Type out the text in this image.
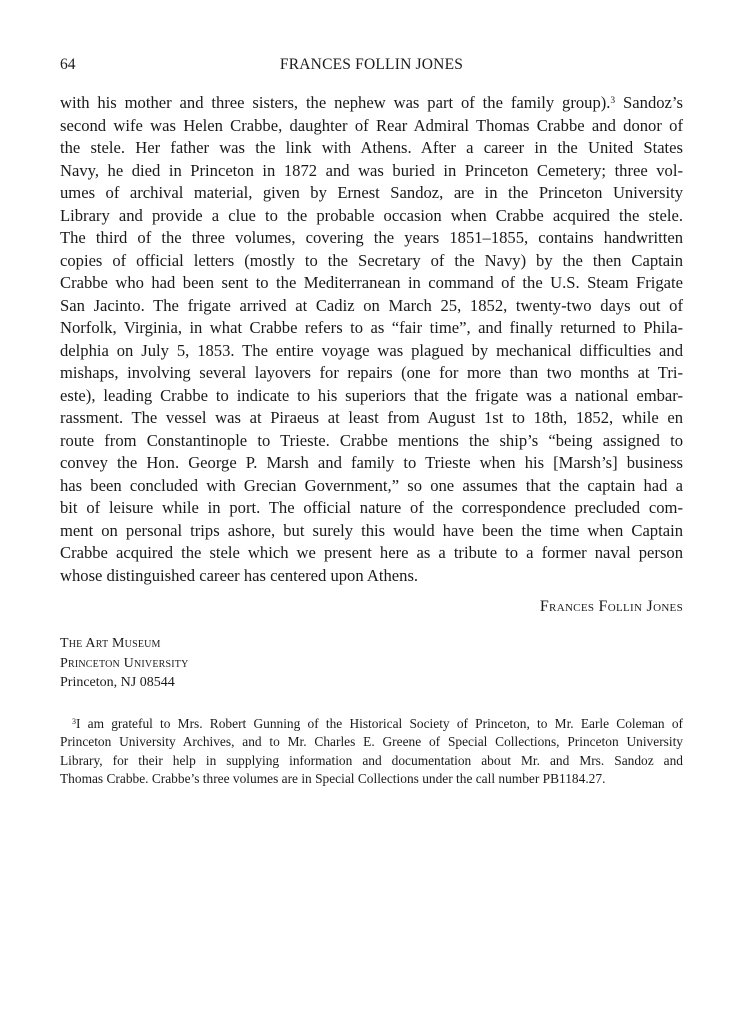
64	FRANCES FOLLIN JONES
with his mother and three sisters, the nephew was part of the family group).$^3$ Sandoz’s
second wife was Helen Crabbe, daughter of Rear Admiral Thomas Crabbe and donor of
the stele. Her father was the link with Athens. After a career in the United States
Navy, he died in Princeton in 1872 and was buried in Princeton Cemetery; three vol-
umes of archival material, given by Ernest Sandoz, are in the Princeton University
Library and provide a clue to the probable occasion when Crabbe acquired the stele.
The third of the three volumes, covering the years 1851–1855, contains handwritten
copies of official letters (mostly to the Secretary of the Navy) by the then Captain
Crabbe who had been sent to the Mediterranean in command of the U.S. Steam Frigate
San Jacinto. The frigate arrived at Cadiz on March 25, 1852, twenty-two days out of
Norfolk, Virginia, in what Crabbe refers to as “fair time”, and finally returned to Phila-
delphia on July 5, 1853. The entire voyage was plagued by mechanical difficulties and
mishaps, involving several layovers for repairs (one for more than two months at Tri-
este), leading Crabbe to indicate to his superiors that the frigate was a national embar-
rassment. The vessel was at Piraeus at least from August 1st to 18th, 1852, while en
route from Constantinople to Trieste. Crabbe mentions the ship’s “being assigned to
convey the Hon. George P. Marsh and family to Trieste when his [Marsh’s] business
has been concluded with Grecian Government,” so one assumes that the captain had a
bit of leisure while in port. The official nature of the correspondence precluded com-
ment on personal trips ashore, but surely this would have been the time when Captain
Crabbe acquired the stele which we present here as a tribute to a former naval person
whose distinguished career has centered upon Athens.
Frances Follin Jones
The Art Museum
Princeton University
Princeton, NJ 08544
$^3$I am grateful to Mrs. Robert Gunning of the Historical Society of Princeton, to Mr. Earle Coleman of
Princeton University Archives, and to Mr. Charles E. Greene of Special Collections, Princeton University
Library, for their help in supplying information and documentation about Mr. and Mrs. Sandoz and
Thomas Crabbe. Crabbe’s three volumes are in Special Collections under the call number PB1184.27.
